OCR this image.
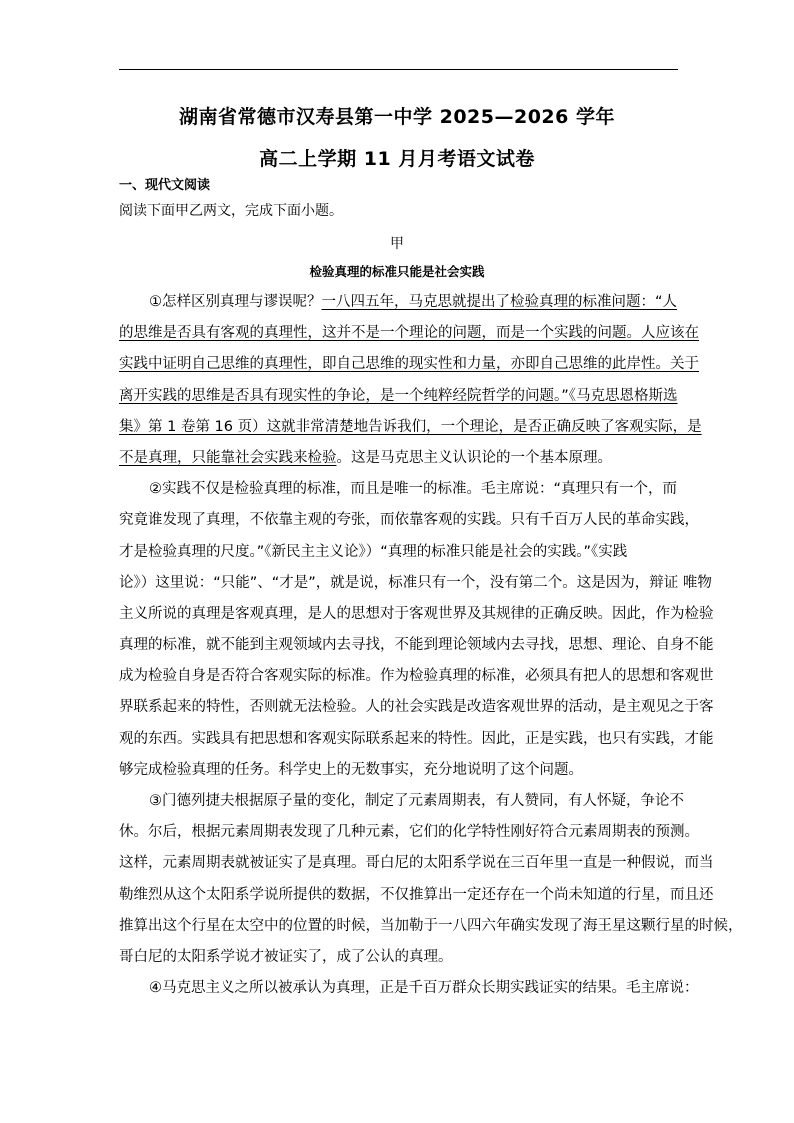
湖南省常德市汉寿县第一中学 2025—2026 学年
高二上学期 11 月月考语文试卷
一、现代文阅读
阅读下面甲乙两文，完成下面小题。
甲
检验真理的标准只能是社会实践
①怎样区别真理与谬误呢？一八四五年，马克思就提出了检验真理的标准问题：“人
的思维是否具有客观的真理性，这并不是一个理论的问题，而是一个实践的问题。人应该在
实践中证明自己思维的真理性，即自己思维的现实性和力量，亦即自己思维的此岸性。关于
离开实践的思维是否具有现实性的争论，是一个纯粹经院哲学的问题。”《马克思恩格斯选
集》第 1 卷第 16 页）这就非常清楚地告诉我们，一个理论，是否正确反映了客观实际，是
不是真理，只能靠社会实践来检验。这是马克思主义认识论的一个基本原理。
②实践不仅是检验真理的标准，而且是唯一的标准。毛主席说：“真理只有一个，而
究竟谁发现了真理，不依靠主观的夸张，而依靠客观的实践。只有千百万人民的革命实践，
才是检验真理的尺度。”《新民主主义论》）“真理的标准只能是社会的实践。”《实践
论》）这里说：“只能”、“才是”，就是说，标准只有一个，没有第二个。这是因为，辩证 唯物
主义所说的真理是客观真理，是人的思想对于客观世界及其规律的正确反映。因此，作为检验
真理的标准，就不能到主观领域内去寻找，不能到理论领域内去寻找，思想、理论、自身不能
成为检验自身是否符合客观实际的标准。作为检验真理的标准，必须具有把人的思想和客观世
界联系起来的特性，否则就无法检验。人的社会实践是改造客观世界的活动，是主观见之于客
观的东西。实践具有把思想和客观实际联系起来的特性。因此，正是实践，也只有实践，才能
够完成检验真理的任务。科学史上的无数事实，充分地说明了这个问题。
③门德列捷夫根据原子量的变化，制定了元素周期表，有人赞同，有人怀疑，争论不
休。尔后，根据元素周期表发现了几种元素，它们的化学特性刚好符合元素周期表的预测。
这样，元素周期表就被证实了是真理。哥白尼的太阳系学说在三百年里一直是一种假说，而当
勒维烈从这个太阳系学说所提供的数据，不仅推算出一定还存在一个尚未知道的行星，而且还
推算出这个行星在太空中的位置的时候，当加勒于一八四六年确实发现了海王星这颗行星的时候，
哥白尼的太阳系学说才被证实了，成了公认的真理。
④马克思主义之所以被承认为真理，正是千百万群众长期实践证实的结果。毛主席说：
